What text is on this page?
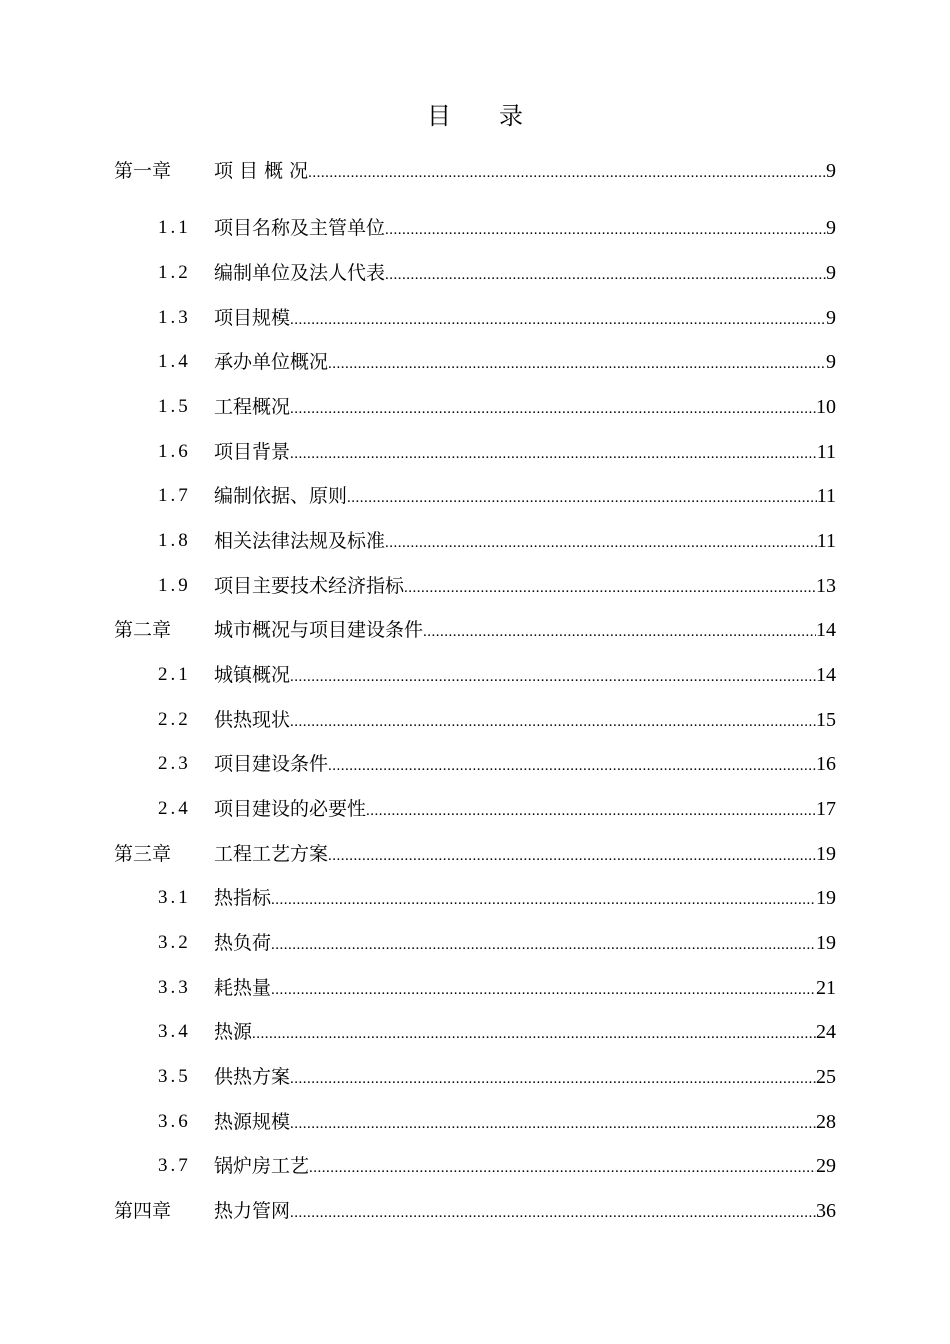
目 录
第一章 项 目 概 况 .....	9
1.1 项目名称及主管单位 .....	9
1.2 编制单位及法人代表 .....	9
1.3 项目规模 .....	9
1.4 承办单位概况 .....	9
1.5 工程概况 .....	10
1.6 项目背景 .....	11
1.7 编制依据、原则 .....	11
1.8 相关法律法规及标准 .....	11
1.9 项目主要技术经济指标 .....	13
第二章 城市概况与项目建设条件 .....	14
2.1 城镇概况 .....	14
2.2 供热现状 .....	15
2.3 项目建设条件 .....	16
2.4 项目建设的必要性 .....	17
第三章 工程工艺方案 .....	19
3.1 热指标 .....	19
3.2 热负荷 .....	19
3.3 耗热量 .....	21
3.4 热源 .....	24
3.5 供热方案 .....	25
3.6 热源规模 .....	28
3.7 锅炉房工艺 .....	29
第四章 热力管网 .....	36
